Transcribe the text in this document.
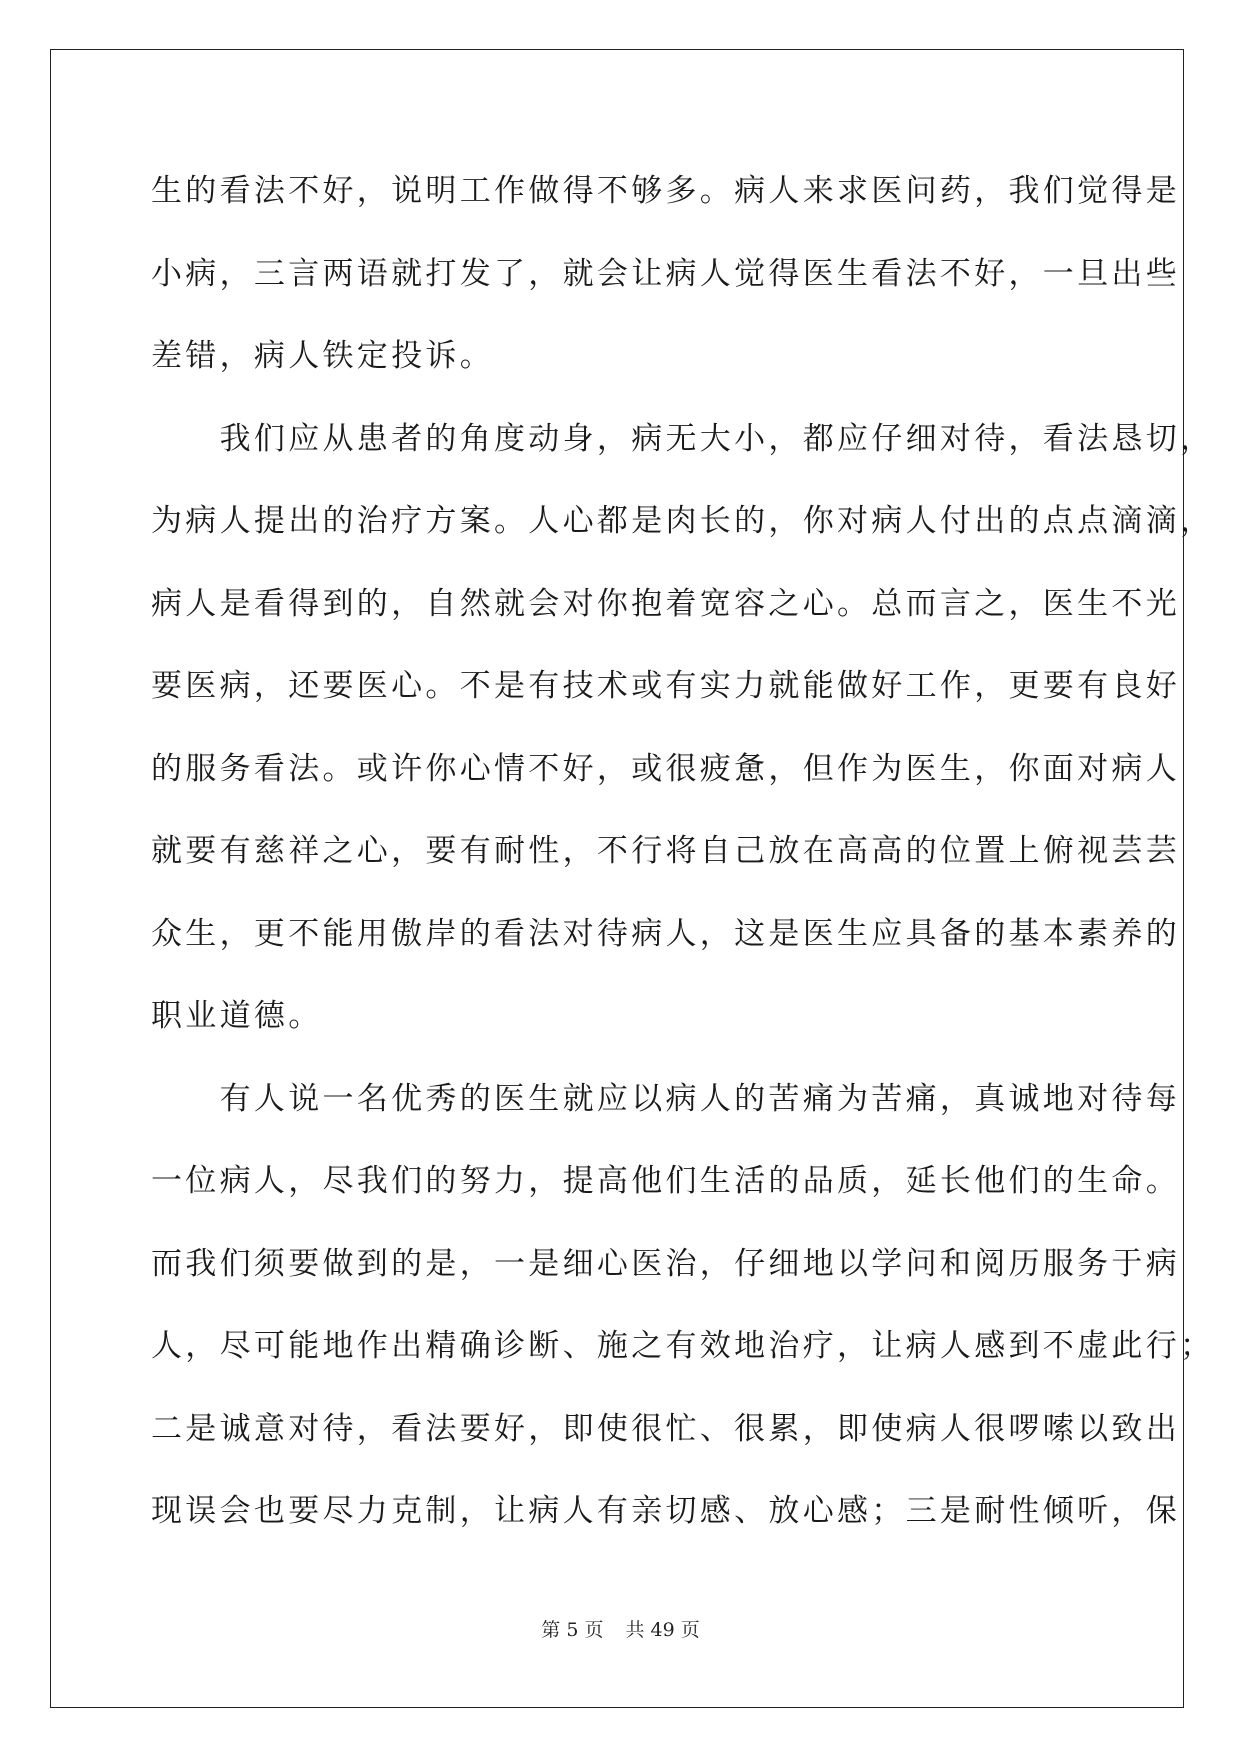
生的看法不好，说明工作做得不够多。病人来求医问药，我们觉得是
小病，三言两语就打发了，就会让病人觉得医生看法不好，一旦出些
差错，病人铁定投诉。
　　我们应从患者的角度动身，病无大小，都应仔细对待，看法恳切，
为病人提出的治疗方案。人心都是肉长的，你对病人付出的点点滴滴，
病人是看得到的，自然就会对你抱着宽容之心。总而言之，医生不光
要医病，还要医心。不是有技术或有实力就能做好工作，更要有良好
的服务看法。或许你心情不好，或很疲惫，但作为医生，你面对病人
就要有慈祥之心，要有耐性，不行将自己放在高高的位置上俯视芸芸
众生，更不能用傲岸的看法对待病人，这是医生应具备的基本素养的
职业道德。
　　有人说一名优秀的医生就应以病人的苦痛为苦痛，真诚地对待每
一位病人，尽我们的努力，提高他们生活的品质，延长他们的生命。
而我们须要做到的是，一是细心医治，仔细地以学问和阅历服务于病
人，尽可能地作出精确诊断、施之有效地治疗，让病人感到不虚此行；
二是诚意对待，看法要好，即使很忙、很累，即使病人很啰嗦以致出
现误会也要尽力克制，让病人有亲切感、放心感；三是耐性倾听，保
第 5 页 共 49 页
